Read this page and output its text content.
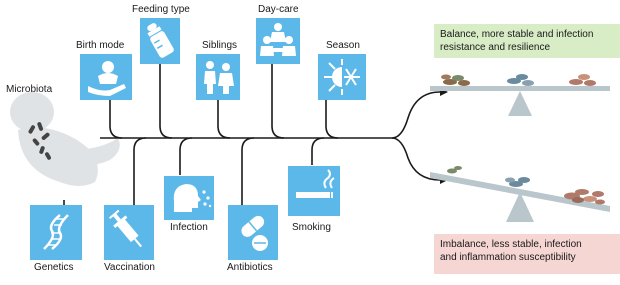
Microbiota
Birth mode
Feeding type
Siblings
Day-care
Season
Genetics	Vaccination
Infection
Antibiotics
Smoking
Balance, more stable and infection
resistance and resilience
Imbalance, less stable, infection
and inflammation susceptibility
